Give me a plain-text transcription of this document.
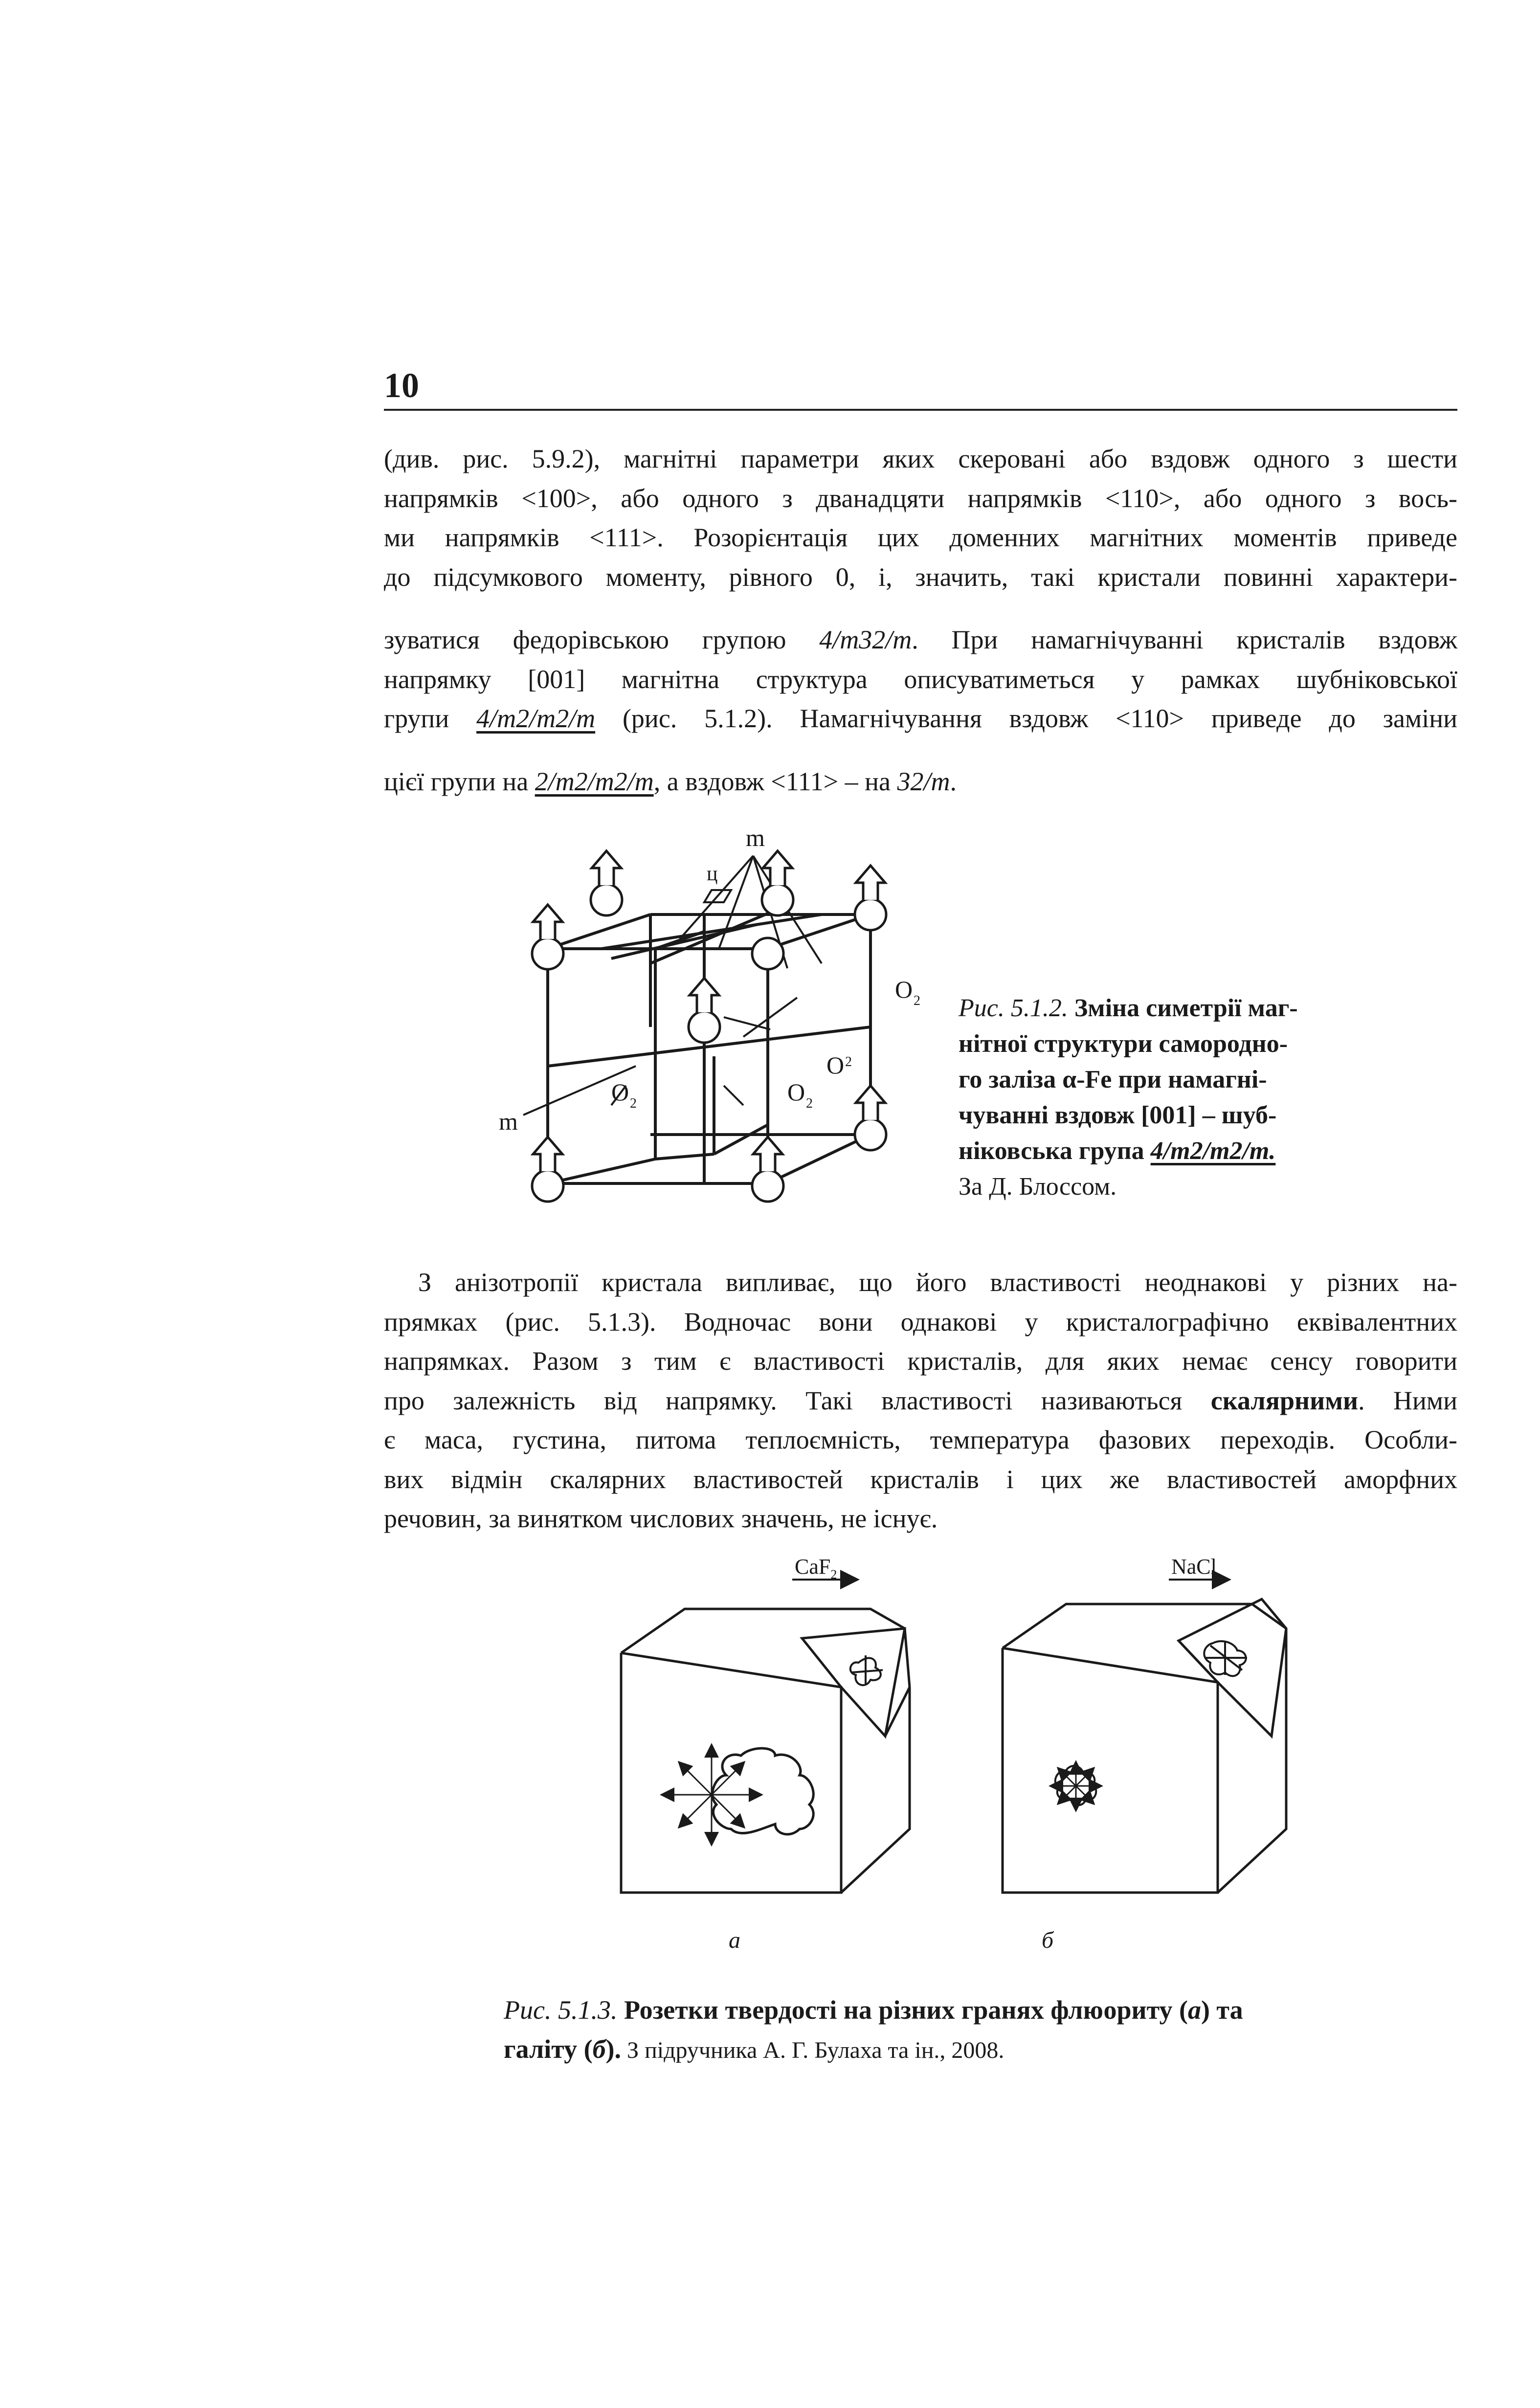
10
(див. рис. 5.9.2), магнітні параметри яких скеровані або вздовж одного з шести
напрямків <100>, або одного з дванадцяти напрямків <110>, або одного з вось-
ми напрямків <111>. Розорієнтація цих доменних магнітних моментів приведе
до підсумкового моменту, рівного 0, і, значить, такі кристали повинні характери-
зуватися федорівською групою 4/m32/m. При намагнічуванні кристалів вздовж
напрямку [001] магнітна структура описуватиметься у рамках шубніковської
групи 4/m2/m2/m (рис. 5.1.2). Намагнічування вздовж <110> приведе до заміни
цієї групи на 2/m2/m2/m, а вздовж <111> – на 32/m.
m
ц
m
O 2
O 2
O 2	O 2
Рис. 5.1.2. Зміна симетрії маг-
нітної структури самородно-
го заліза α-Fe при намагні-
чуванні вздовж [001] – шуб-
ніковська група 4/m2/m2/m.
За Д. Блоссом.
З анізотропії кристала випливає, що його властивості неоднакові у різних на-
прямках (рис. 5.1.3). Водночас вони однакові у кристалографічно еквівалентних
напрямках. Разом з тим є властивості кристалів, для яких немає сенсу говорити
про залежність від напрямку. Такі властивості називаються скалярними. Ними
є маса, густина, питома теплоємність, температура фазових переходів. Особли-
вих відмін скалярних властивостей кристалів і цих же властивостей аморфних
речовин, за винятком числових значень, не існує.
CaF$_2$	NaCl
а	б
Рис. 5.1.3. Розетки твердості на різних гранях флюориту (а) та
галіту (б). З підручника А. Г. Булаха та ін., 2008.
